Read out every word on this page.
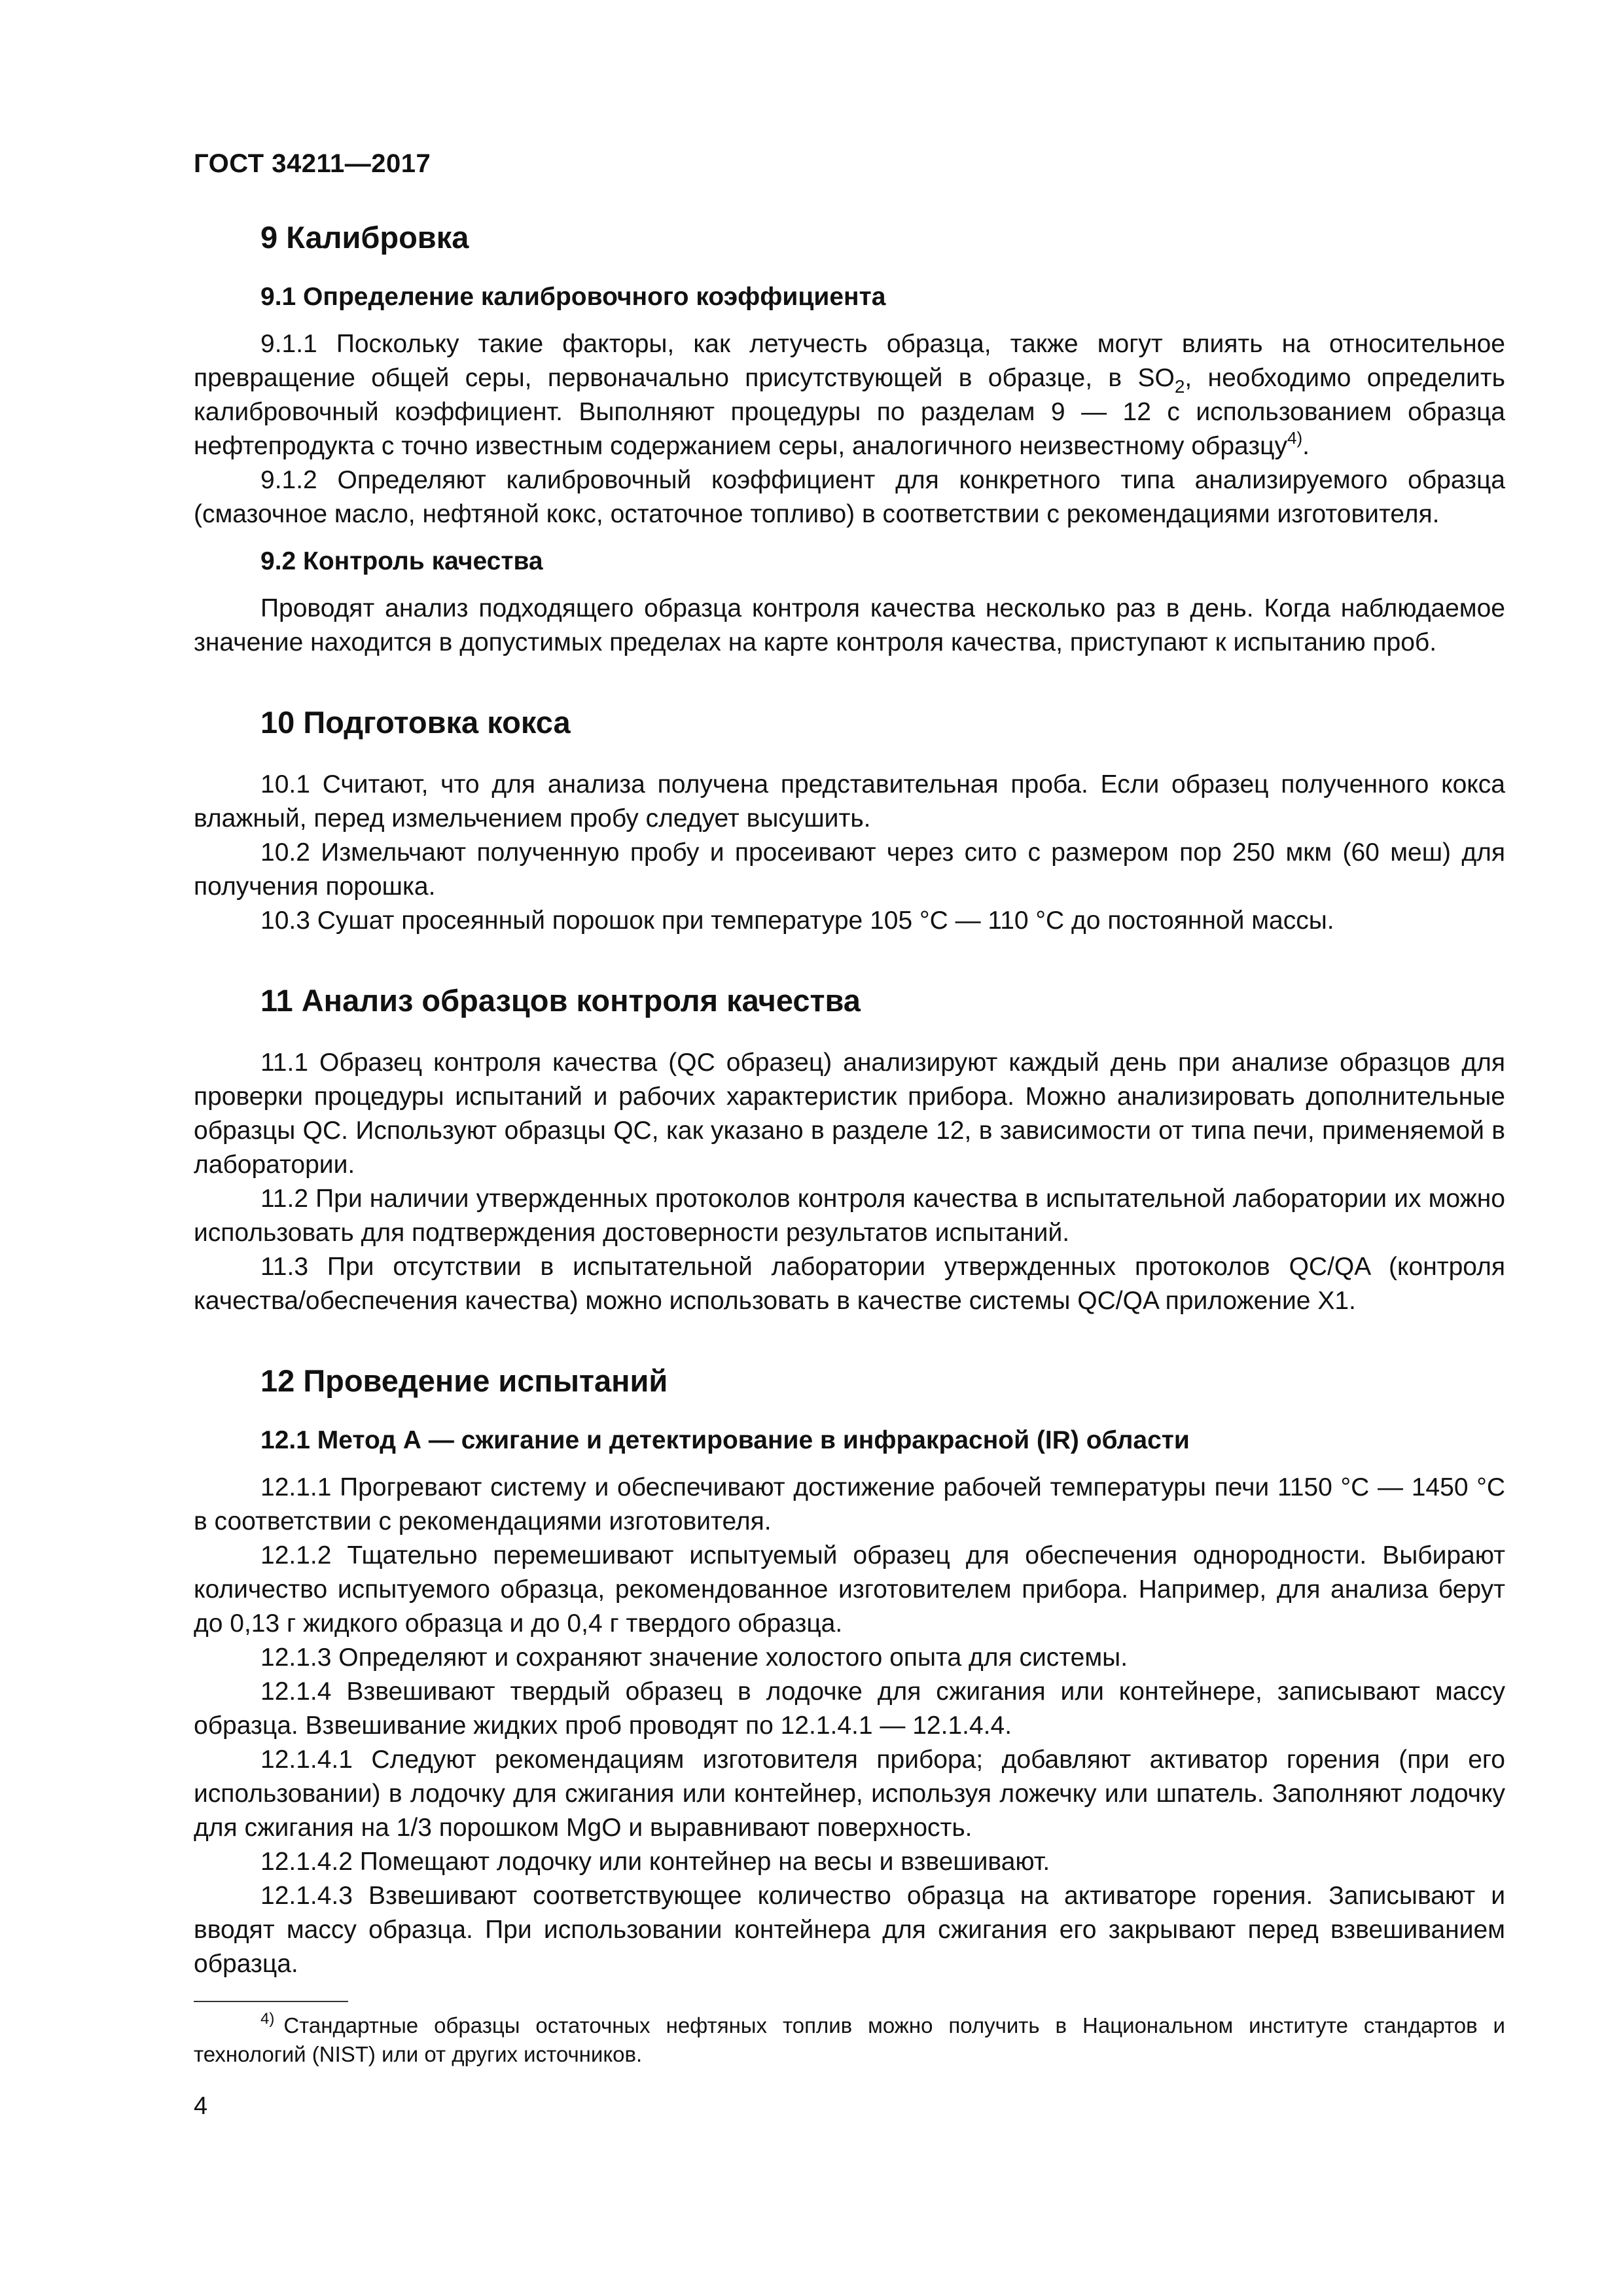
ГОСТ 34211—2017
9 Калибровка
9.1 Определение калибровочного коэффициента

9.1.1 Поскольку такие факторы, как летучесть образца, также могут влиять на относительное превращение общей серы, первоначально присутствующей в образце, в $SO_2$, необходимо определить калибровочный коэффициент. Выполняют процедуры по разделам 9 — 12 с использованием образца нефтепродукта с точно известным содержанием серы, аналогичного неизвестному образцу$^{4)}$.

9.1.2 Определяют калибровочный коэффициент для конкретного типа анализируемого образца (смазочное масло, нефтяной кокс, остаточное топливо) в соответствии с рекомендациями изготовителя.

9.2 Контроль качества

Проводят анализ подходящего образца контроля качества несколько раз в день. Когда наблюдаемое значение находится в допустимых пределах на карте контроля качества, приступают к испытанию проб.

10 Подготовка кокса

10.1 Считают, что для анализа получена представительная проба. Если образец полученного кокса влажный, перед измельчением пробу следует высушить.

10.2 Измельчают полученную пробу и просеивают через сито с размером пор 250 мкм (60 меш) для получения порошка.

10.3 Сушат просеянный порошок при температуре 105 °С — 110 °С до постоянной массы.

11 Анализ образцов контроля качества

11.1 Образец контроля качества (QC образец) анализируют каждый день при анализе образцов для проверки процедуры испытаний и рабочих характеристик прибора. Можно анализировать дополнительные образцы QC. Используют образцы QC, как указано в разделе 12, в зависимости от типа печи, применяемой в лаборатории.

11.2 При наличии утвержденных протоколов контроля качества в испытательной лаборатории их можно использовать для подтверждения достоверности результатов испытаний.

11.3 При отсутствии в испытательной лаборатории утвержденных протоколов QC/QA (контроля качества/обеспечения качества) можно использовать в качестве системы QC/QA приложение X1.

12 Проведение испытаний
12.1 Метод А — сжигание и детектирование в инфракрасной (IR) области

12.1.1 Прогревают систему и обеспечивают достижение рабочей температуры печи 1150 °С — 1450 °С в соответствии с рекомендациями изготовителя.

12.1.2 Тщательно перемешивают испытуемый образец для обеспечения однородности. Выбирают количество испытуемого образца, рекомендованное изготовителем прибора. Например, для анализа берут до 0,13 г жидкого образца и до 0,4 г твердого образца.

12.1.3 Определяют и сохраняют значение холостого опыта для системы.

12.1.4 Взвешивают твердый образец в лодочке для сжигания или контейнере, записывают массу образца. Взвешивание жидких проб проводят по 12.1.4.1 — 12.1.4.4.

12.1.4.1 Следуют рекомендациям изготовителя прибора; добавляют активатор горения (при его использовании) в лодочку для сжигания или контейнер, используя ложечку или шпатель. Заполняют лодочку для сжигания на 1/3 порошком MgO и выравнивают поверхность.

12.1.4.2 Помещают лодочку или контейнер на весы и взвешивают.

12.1.4.3 Взвешивают соответствующее количество образца на активаторе горения. Записывают и вводят массу образца. При использовании контейнера для сжигания его закрывают перед взвешиванием образца.

$^{4)}$ Стандартные образцы остаточных нефтяных топлив можно получить в Национальном институте стандартов и технологий (NIST) или от других источников.

4
